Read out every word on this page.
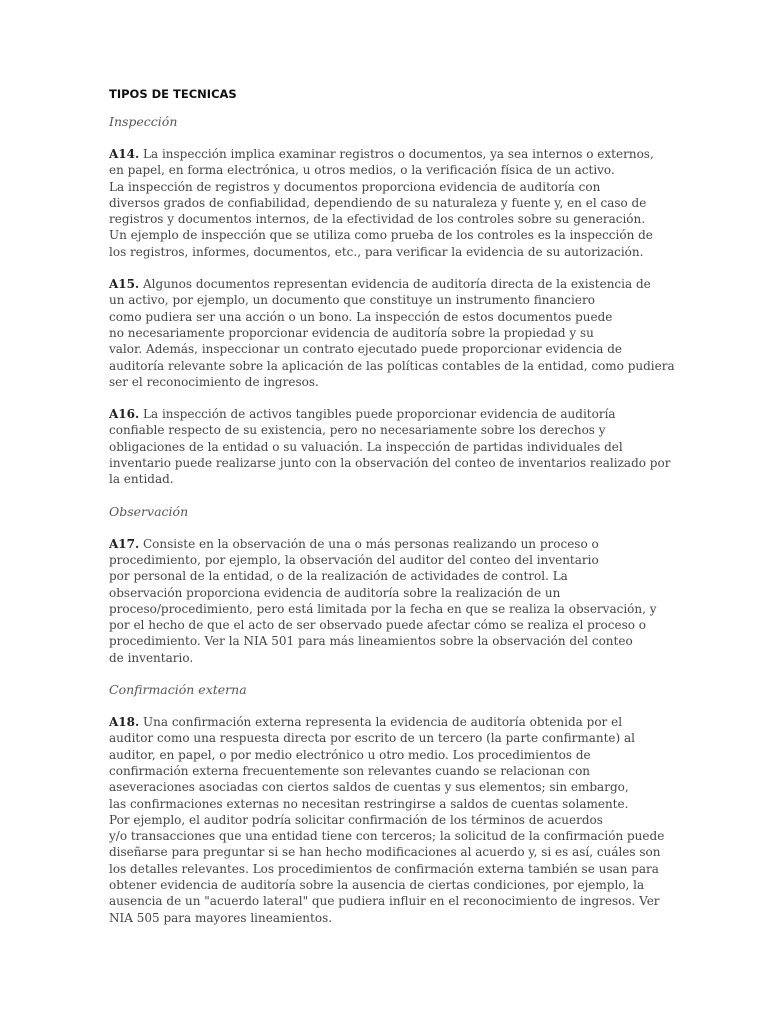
TIPOS DE TECNICAS
Inspección

A14. La inspección implica examinar registros o documentos, ya sea internos o externos,
en papel, en forma electrónica, u otros medios, o la verificación física de un activo.
La inspección de registros y documentos proporciona evidencia de auditoría con
diversos grados de confiabilidad, dependiendo de su naturaleza y fuente y, en el caso de
registros y documentos internos, de la efectividad de los controles sobre su generación.
Un ejemplo de inspección que se utiliza como prueba de los controles es la inspección de
los registros, informes, documentos, etc., para verificar la evidencia de su autorización.

A15. Algunos documentos representan evidencia de auditoría directa de la existencia de
un activo, por ejemplo, un documento que constituye un instrumento financiero
como pudiera ser una acción o un bono. La inspección de estos documentos puede
no necesariamente proporcionar evidencia de auditoría sobre la propiedad y su
valor. Además, inspeccionar un contrato ejecutado puede proporcionar evidencia de
auditoría relevante sobre la aplicación de las políticas contables de la entidad, como pudiera
ser el reconocimiento de ingresos.

A16. La inspección de activos tangibles puede proporcionar evidencia de auditoría
confiable respecto de su existencia, pero no necesariamente sobre los derechos y
obligaciones de la entidad o su valuación. La inspección de partidas individuales del
inventario puede realizarse junto con la observación del conteo de inventarios realizado por
la entidad.

Observación

A17. Consiste en la observación de una o más personas realizando un proceso o
procedimiento, por ejemplo, la observación del auditor del conteo del inventario
por personal de la entidad, o de la realización de actividades de control. La
observación proporciona evidencia de auditoría sobre la realización de un
proceso/procedimiento, pero está limitada por la fecha en que se realiza la observación, y
por el hecho de que el acto de ser observado puede afectar cómo se realiza el proceso o
procedimiento. Ver la NIA 501 para más lineamientos sobre la observación del conteo
de inventario.

Confirmación externa

A18. Una confirmación externa representa la evidencia de auditoría obtenida por el
auditor como una respuesta directa por escrito de un tercero (la parte confirmante) al
auditor, en papel, o por medio electrónico u otro medio. Los procedimientos de
confirmación externa frecuentemente son relevantes cuando se relacionan con
aseveraciones asociadas con ciertos saldos de cuentas y sus elementos; sin embargo,
las confirmaciones externas no necesitan restringirse a saldos de cuentas solamente.
Por ejemplo, el auditor podría solicitar confirmación de los términos de acuerdos
y/o transacciones que una entidad tiene con terceros; la solicitud de la confirmación puede
diseñarse para preguntar si se han hecho modificaciones al acuerdo y, si es así, cuáles son
los detalles relevantes. Los procedimientos de confirmación externa también se usan para
obtener evidencia de auditoría sobre la ausencia de ciertas condiciones, por ejemplo, la
ausencia de un "acuerdo lateral" que pudiera influir en el reconocimiento de ingresos. Ver
NIA 505 para mayores lineamientos.
